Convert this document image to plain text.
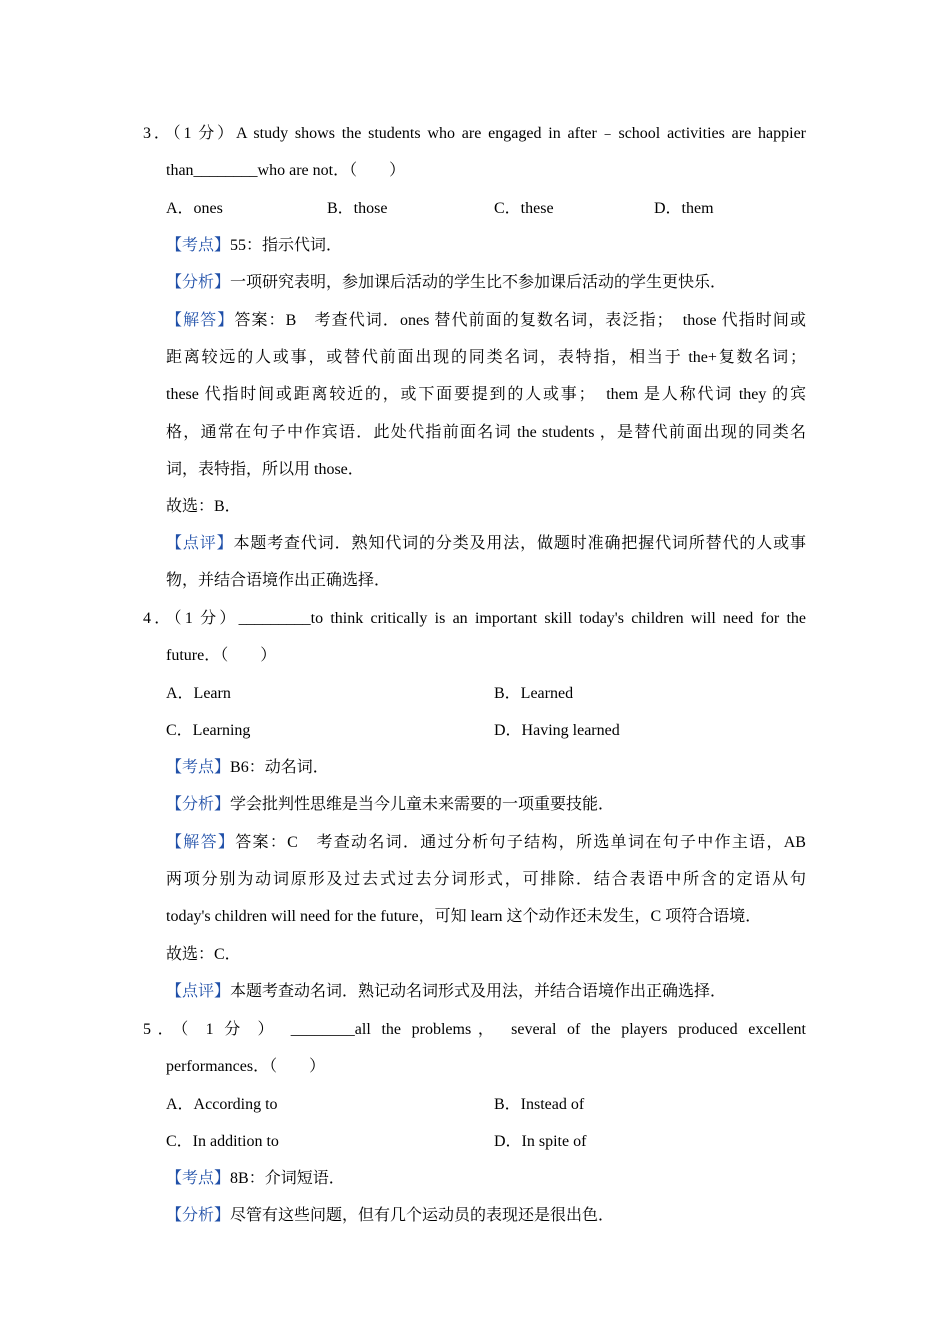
3．（1 分）A study shows the students who are engaged in after﹣school activities are happier
than________who are not．（　　）
A．ones	B．those	C．these	D．them
【考点】55：指示代词．
【分析】一项研究表明，参加课后活动的学生比不参加课后活动的学生更快乐．
【解答】答案：B　考查代词．ones 替代前面的复数名词，表泛指；　those 代指时间或
距离较远的人或事，或替代前面出现的同类名词，表特指，相当于 the+复数名词；
these 代指时间或距离较近的，或下面要提到的人或事；　them 是人称代词 they 的宾
格，通常在句子中作宾语．此处代指前面名词 the students ，是替代前面出现的同类名
词，表特指，所以用 those．
故选：B．
【点评】本题考查代词．熟知代词的分类及用法，做题时准确把握代词所替代的人或事
物，并结合语境作出正确选择．
4．（1 分）_________to think critically is an important skill today's children will need for the
future．（　　）
A．Learn	B．Learned
C．Learning	D．Having learned
【考点】B6：动名词．
【分析】学会批判性思维是当今儿童未来需要的一项重要技能．
【解答】答案：C　考查动名词．通过分析句子结构，所选单词在句子中作主语，AB
两项分别为动词原形及过去式过去分词形式，可排除．结合表语中所含的定语从句
today's children will need for the future，可知 learn 这个动作还未发生，C 项符合语境．
故选：C．
【点评】本题考查动名词．熟记动名词形式及用法，并结合语境作出正确选择．
5．（ 1 分 ） ________all the problems， several of the players produced excellent
performances．（　　）
A．According to	B．Instead of
C．In addition to	D．In spite of
【考点】8B：介词短语．
【分析】尽管有这些问题，但有几个运动员的表现还是很出色．
